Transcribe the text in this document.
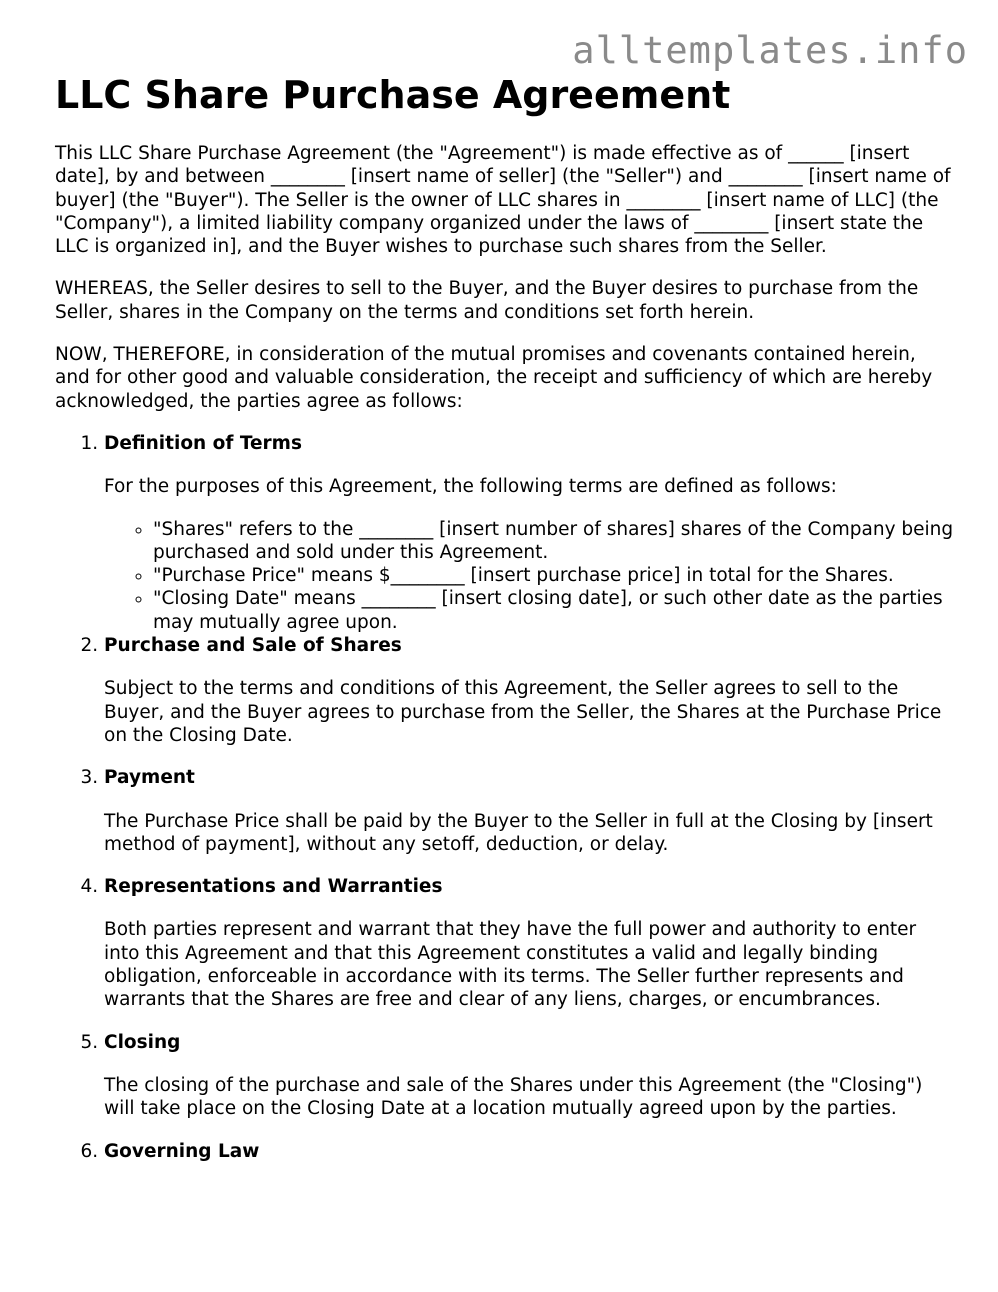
alltemplates.info
LLC Share Purchase Agreement

This LLC Share Purchase Agreement (the "Agreement") is made effective as of ______ [insert date], by and between ________ [insert name of seller] (the "Seller") and ________ [insert name of buyer] (the "Buyer"). The Seller is the owner of LLC shares in ________ [insert name of LLC] (the "Company"), a limited liability company organized under the laws of ________ [insert state the LLC is organized in], and the Buyer wishes to purchase such shares from the Seller.

WHEREAS, the Seller desires to sell to the Buyer, and the Buyer desires to purchase from the Seller, shares in the Company on the terms and conditions set forth herein.

NOW, THEREFORE, in consideration of the mutual promises and covenants contained herein, and for other good and valuable consideration, the receipt and sufficiency of which are hereby acknowledged, the parties agree as follows:

1. Definition of Terms

For the purposes of this Agreement, the following terms are defined as follows:

◦ "Shares" refers to the ________ [insert number of shares] shares of the Company being purchased and sold under this Agreement.
◦ "Purchase Price" means $________ [insert purchase price] in total for the Shares.
◦ "Closing Date" means ________ [insert closing date], or such other date as the parties may mutually agree upon.
2. Purchase and Sale of Shares

Subject to the terms and conditions of this Agreement, the Seller agrees to sell to the Buyer, and the Buyer agrees to purchase from the Seller, the Shares at the Purchase Price on the Closing Date.

3. Payment

The Purchase Price shall be paid by the Buyer to the Seller in full at the Closing by [insert method of payment], without any setoff, deduction, or delay.

4. Representations and Warranties

Both parties represent and warrant that they have the full power and authority to enter into this Agreement and that this Agreement constitutes a valid and legally binding obligation, enforceable in accordance with its terms. The Seller further represents and warrants that the Shares are free and clear of any liens, charges, or encumbrances.

5. Closing

The closing of the purchase and sale of the Shares under this Agreement (the "Closing") will take place on the Closing Date at a location mutually agreed upon by the parties.

6. Governing Law
